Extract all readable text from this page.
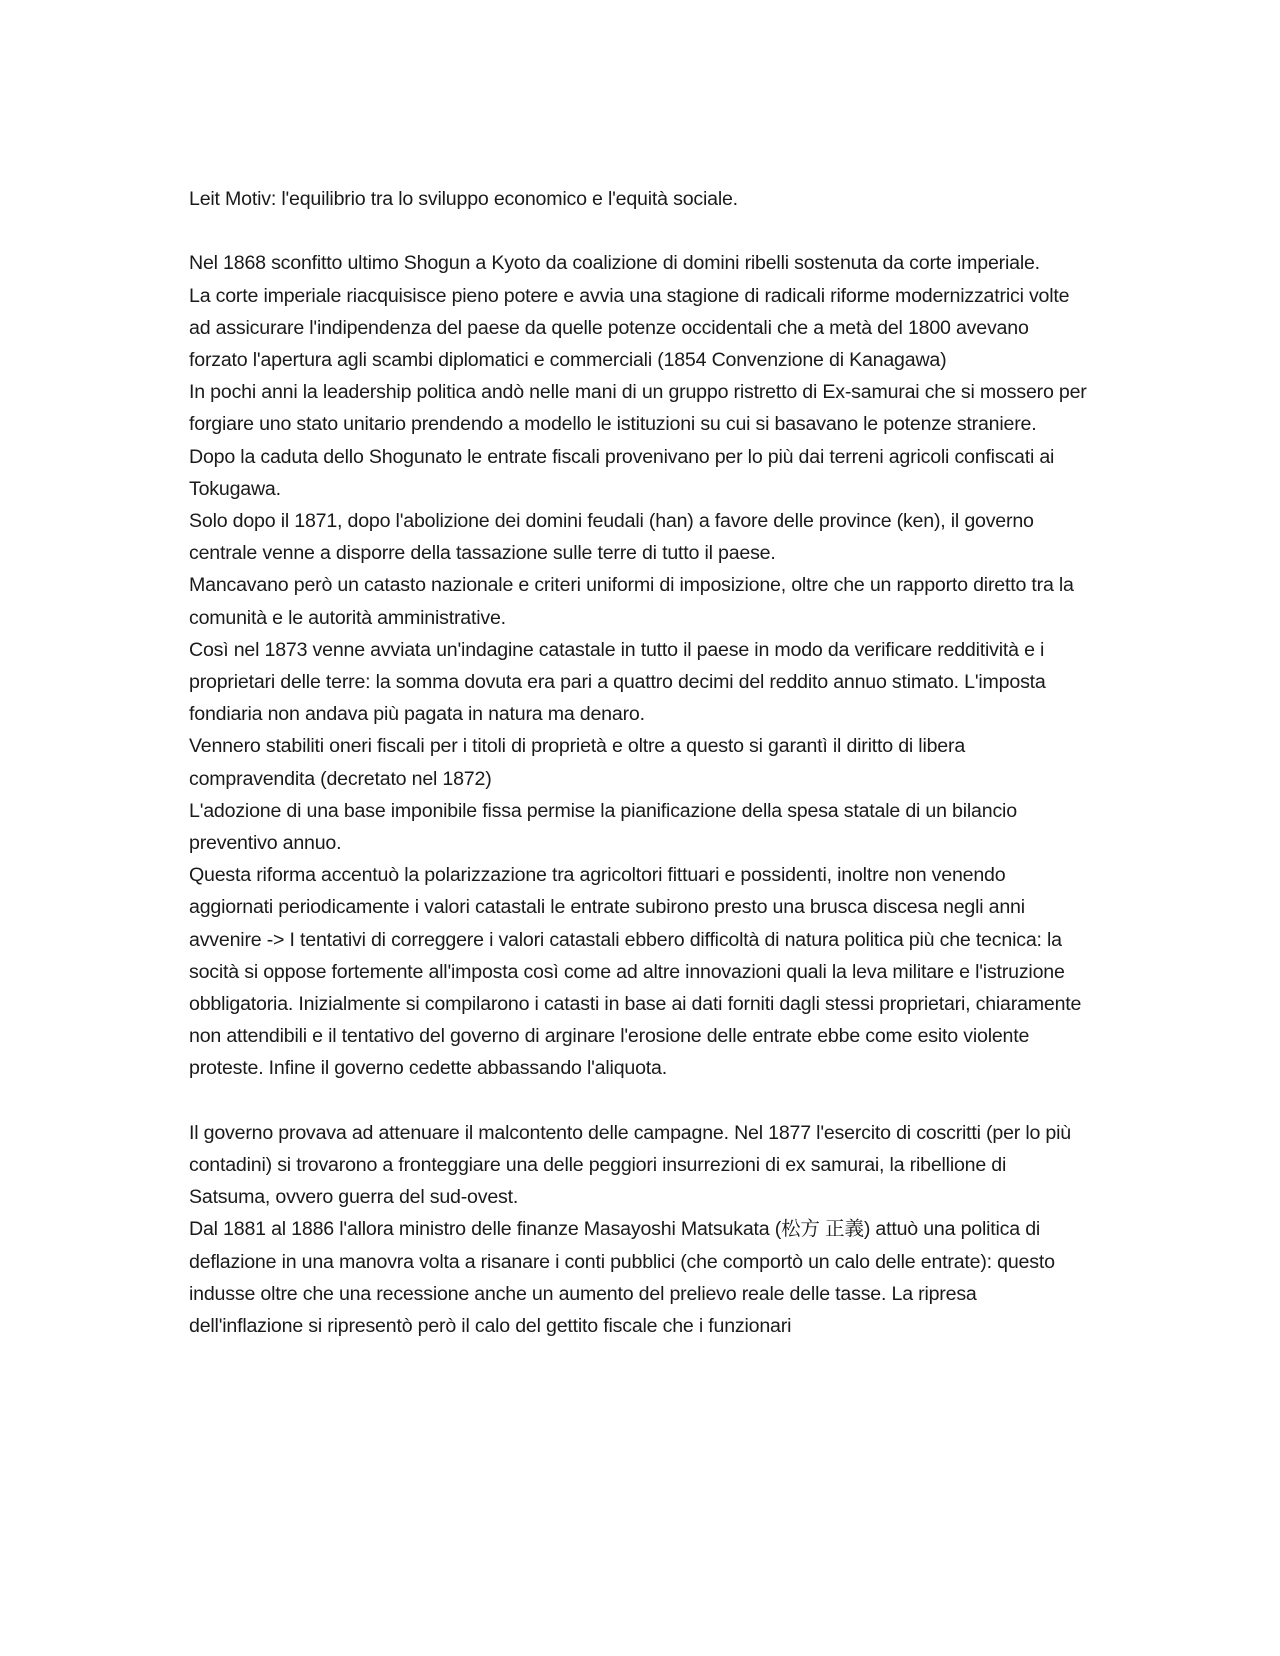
Leit Motiv: l'equilibrio tra lo sviluppo economico e l'equità sociale.

Nel 1868 sconfitto ultimo Shogun a Kyoto da coalizione di domini ribelli sostenuta da corte imperiale.

La corte imperiale riacquisisce pieno potere e avvia una stagione di radicali riforme modernizzatrici volte ad assicurare l'indipendenza del paese da quelle potenze occidentali che a metà del 1800 avevano forzato l'apertura agli scambi diplomatici e commerciali (1854 Convenzione di Kanagawa)

In pochi anni la leadership politica andò nelle mani di un gruppo ristretto di Ex-samurai che si mossero per forgiare uno stato unitario prendendo a modello le istituzioni su cui si basavano le potenze straniere.

Dopo la caduta dello Shogunato le entrate fiscali provenivano per lo più dai terreni agricoli confiscati ai Tokugawa.

Solo dopo il 1871, dopo l'abolizione dei domini feudali (han) a favore delle province (ken), il governo centrale venne a disporre della tassazione sulle terre di tutto il paese.

Mancavano però un catasto nazionale e criteri uniformi di imposizione, oltre che un rapporto diretto tra la comunità e le autorità amministrative.

Così nel 1873 venne avviata un'indagine catastale in tutto il paese in modo da verificare redditività e i proprietari delle terre: la somma dovuta era pari a quattro decimi del reddito annuo stimato. L'imposta fondiaria non andava più pagata in natura ma denaro.

Vennero stabiliti oneri fiscali per i titoli di proprietà e oltre a questo si garantì il diritto di libera compravendita (decretato nel 1872)

L'adozione di una base imponibile fissa permise la pianificazione della spesa statale di un bilancio preventivo annuo.

Questa riforma accentuò la polarizzazione tra agricoltori fittuari e possidenti, inoltre non venendo aggiornati periodicamente i valori catastali le entrate subirono presto una brusca discesa negli anni avvenire -> I tentativi di correggere i valori catastali ebbero difficoltà di natura politica più che tecnica: la socità si oppose fortemente all'imposta così come ad altre innovazioni quali la leva militare e l'istruzione obbligatoria. Inizialmente si compilarono i catasti in base ai dati forniti dagli stessi proprietari, chiaramente non attendibili e il tentativo del governo di arginare l'erosione delle entrate ebbe come esito violente proteste. Infine il governo cedette abbassando l'aliquota.

Il governo provava ad attenuare il malcontento delle campagne. Nel 1877 l'esercito di coscritti (per lo più contadini) si trovarono a fronteggiare una delle peggiori insurrezioni di ex samurai, la ribellione di Satsuma, ovvero guerra del sud-ovest.

Dal 1881 al 1886 l'allora ministro delle finanze Masayoshi Matsukata (松方 正義) attuò una politica di deflazione in una manovra volta a risanare i conti pubblici (che comportò un calo delle entrate): questo indusse oltre che una recessione anche un aumento del prelievo reale delle tasse. La ripresa dell'inflazione si ripresentò però il calo del gettito fiscale che i funzionari
